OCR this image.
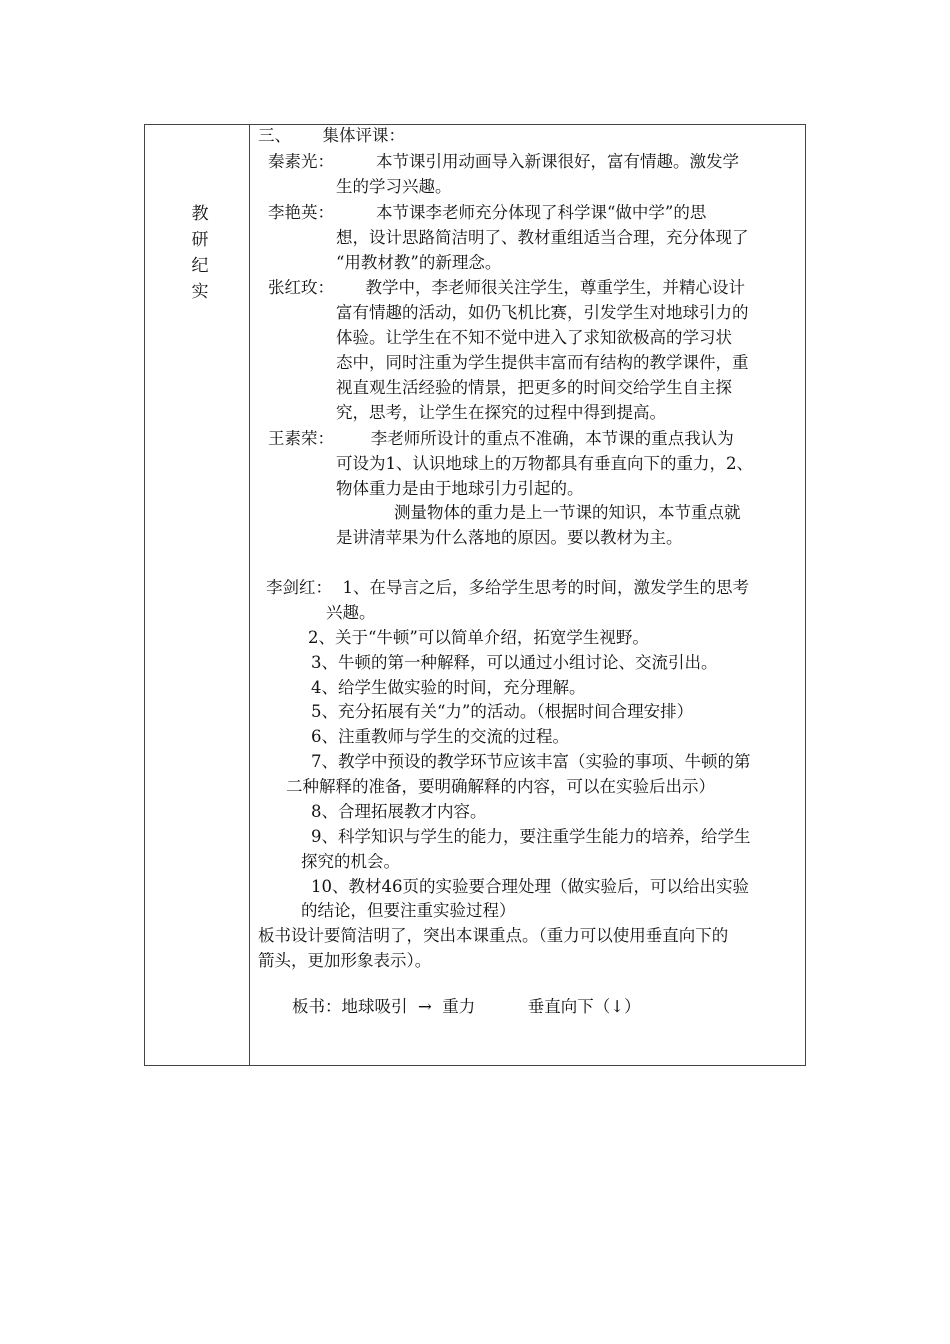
教
研
纪
实
三、      集体评课：
秦素光：        本节课引用动画导入新课很好，富有情趣。激发学
生的学习兴趣。
李艳英：        本节课李老师充分体现了科学课“做中学”的思
想，设计思路简洁明了、教材重组适当合理，充分体现了
“用教材教”的新理念。
张红玫：      教学中，李老师很关注学生，尊重学生，并精心设计
富有情趣的活动，如仍飞机比赛，引发学生对地球引力的
体验。让学生在不知不觉中进入了求知欲极高的学习状
态中，同时注重为学生提供丰富而有结构的教学课件，重
视直观生活经验的情景，把更多的时间交给学生自主探
究，思考，让学生在探究的过程中得到提高。
王素荣：       李老师所设计的重点不准确，本节课的重点我认为
可设为1、认识地球上的万物都具有垂直向下的重力，2、
物体重力是由于地球引力引起的。
测量物体的重力是上一节课的知识，本节重点就
是讲清苹果为什么落地的原因。要以教材为主。
李剑红：  1、在导言之后，多给学生思考的时间，激发学生的思考
兴趣。
2、关于“牛顿”可以简单介绍，拓宽学生视野。
3、牛顿的第一种解释，可以通过小组讨论、交流引出。
4、给学生做实验的时间，充分理解。
5、充分拓展有关“力”的活动。（根据时间合理安排）
6、注重教师与学生的交流的过程。
7、教学中预设的教学环节应该丰富（实验的事项、牛顿的第
二种解释的准备，要明确解释的内容，可以在实验后出示）
8、合理拓展教才内容。
9、科学知识与学生的能力，要注重学生能力的培养，给学生
探究的机会。
10、教材46页的实验要合理处理（做实验后，可以给出实验
的结论，但要注重实验过程）
板书设计要简洁明了，突出本课重点。（重力可以使用垂直向下的
箭头，更加形象表示）。
板书：地球吸引  →  重力          垂直向下（↓）
